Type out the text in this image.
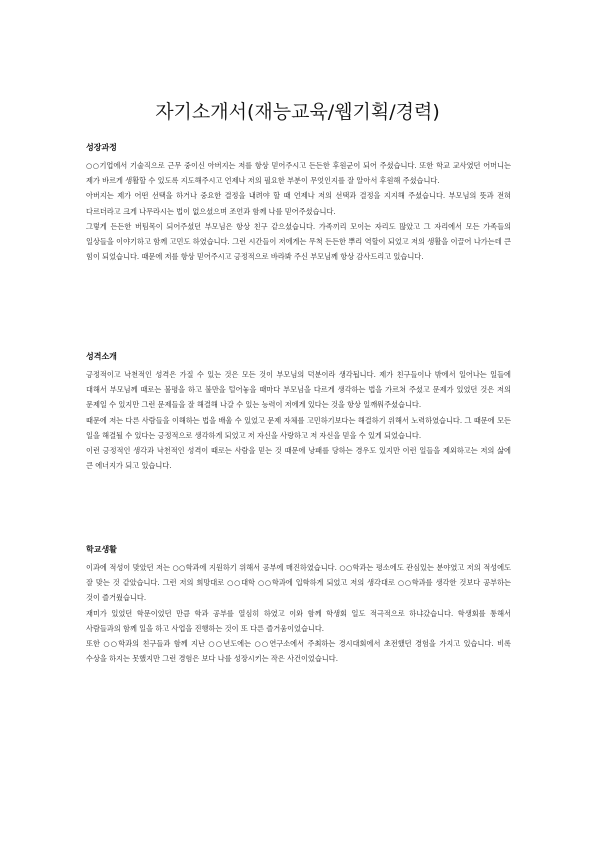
자기소개서(재능교육/웹기획/경력)
성장과정

○○기업에서 기술직으로 근무 중이신 아버지는 저를 항상 믿어주시고 든든한 후원군이 되어 주셨습니다. 또한 학교 교사였던 어머니는 제가 바르게 생활할 수 있도록 지도해주시고 언제나 저의 필요한 부분이 무엇인지를 잘 알아서 후원해 주셨습니다.

아버지는 제가 어떤 선택을 하거나 중요한 결정을 내려야 할 때 언제나 저의 선택과 결정을 지지해 주셨습니다. 부모님의 뜻과 전혀 다르더라고 크게 나무라시는 법이 없으셨으며 조언과 함께 나를 믿어주셨습니다.

그렇게 든든한 버팀목이 되어주셨던 부모님은 항상 친구 같으셨습니다. 가족끼리 모이는 자리도 많았고 그 자리에서 모든 가족들의 일상들을 이야기하고 함께 고민도 하였습니다. 그런 시간들이 저에게는 무척 든든한 뿌리 역할이 되었고 저의 생활을 이끌어 나가는데 큰 힘이 되었습니다. 때문에 저를 항상 믿어주시고 긍정적으로 바라봐 주신 부모님께 항상 감사드리고 있습니다.

성격소개

긍정적이고 낙천적인 성격은 가질 수 있는 것은 모든 것이 부모님의 덕분이라 생각됩니다. 제가 친구들이나 밖에서 일어나는 일들에 대해서 부모님께 때로는 불평을 하고 불만을 털어놓을 때마다 부모님을 다르게 생각하는 법을 가르쳐 주셨고 문제가 있었던 것은 저의 문제일 수 있지만 그런 문제들을 잘 해결해 나갈 수 있는 능력이 저에게 있다는 것을 항상 일깨워주셨습니다.

때문에 저는 다른 사람들을 이해하는 법을 배울 수 있었고 문제 자체를 고민하기보다는 해결하기 위해서 노력하였습니다. 그 때문에 모든 일을 해결될 수 있다는 긍정적으로 생각하게 되었고 저 자신을 사랑하고 저 자신을 믿을 수 있게 되었습니다.

이런 긍정적인 생각과 낙천적인 성격이 때로는 사람을 믿는 것 때문에 낭패를 당하는 경우도 있지만 이런 일들을 제외하고는 저의 삶에 큰 에너지가 되고 있습니다.

학교생활

이과에 적성이 맞았던 저는 ○○학과에 지원하기 위해서 공부에 매진하였습니다. ○○학과는 평소에도 관심있는 분야였고 저의 적성에도 잘 맞는 것 같았습니다. 그런 저의 희망대로 ○○대학 ○○학과에 입학하게 되었고 저의 생각대로 ○○학과를 생각한 것보다 공부하는 것이 즐거웠습니다.

재미가 있었던 학문이었던 만큼 학과 공부를 열심히 하였고 이와 함께 학생회 일도 적극적으로 하냐갔습니다. 학생회를 통해서 사람들과의 함께 일을 하고 사업을 진행하는 것이 또 다른 즐거움이었습니다.

또한 ○○학과의 친구들과 함께 지난 ○○년도에는 ○○연구소에서 주최하는 경시대회에서 초전했던 경험을 가지고 있습니다. 비록 수상을 하지는 못했지만 그런 경험은 보다 나를 성장시키는 작은 사건이었습니다.
